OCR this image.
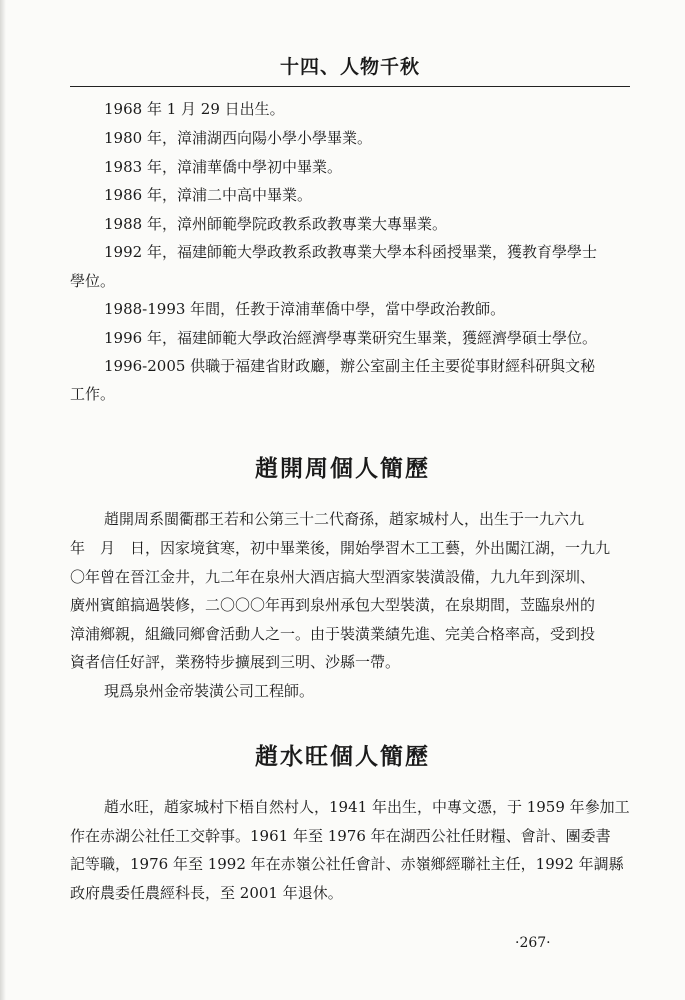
十四、人物千秋
1968 年 1 月 29 日出生。
1980 年，漳浦湖西向陽小學小學畢業。
1983 年，漳浦華僑中學初中畢業。
1986 年，漳浦二中高中畢業。
1988 年，漳州師範學院政教系政教專業大專畢業。
1992 年，福建師範大學政教系政教專業大學本科函授畢業，獲教育學學士
學位。
1988-1993 年間，任教于漳浦華僑中學，當中學政治教師。
1996 年，福建師範大學政治經濟學專業研究生畢業，獲經濟學碩士學位。
1996-2005 供職于福建省財政廳，辦公室副主任主要從事財經科研與文秘
工作。
趙開周個人簡歷
趙開周系閩衢郡王若和公第三十二代裔孫，趙家城村人，出生于一九六九
年　月　日，因家境貧寒，初中畢業後，開始學習木工工藝，外出闖江湖，一九九
〇年曾在晉江金井，九二年在泉州大酒店搞大型酒家裝潢設備，九九年到深圳、
廣州賓館搞過裝修，二〇〇〇年再到泉州承包大型裝潢，在泉期間，苙臨泉州的
漳浦鄉親，組織同鄉會活動人之一。由于裝潢業績先進、完美合格率高，受到投
資者信任好評，業務特步擴展到三明、沙縣一帶。
現爲泉州金帝裝潢公司工程師。
趙水旺個人簡歷
趙水旺，趙家城村下梧自然村人，1941 年出生，中專文憑，于 1959 年參加工
作在赤湖公社任工交幹事。1961 年至 1976 年在湖西公社任財糧、會計、團委書
記等職，1976 年至 1992 年在赤嶺公社任會計、赤嶺鄉經聯社主任，1992 年調縣
政府農委任農經科長，至 2001 年退休。
·267·
